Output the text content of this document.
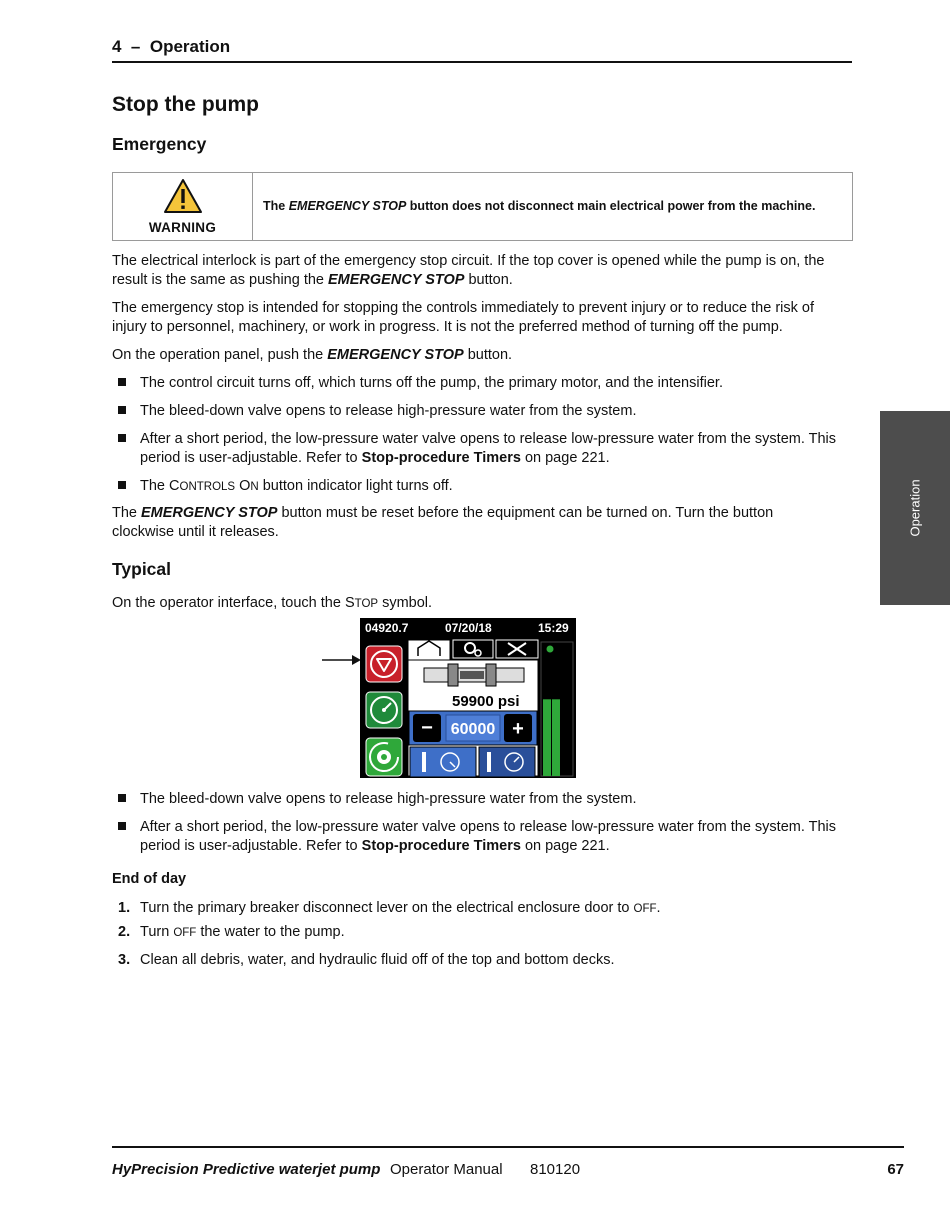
4 – Operation
Stop the pump
Emergency
WARNING
The EMERGENCY STOP button does not disconnect main electrical power from the machine.
The electrical interlock is part of the emergency stop circuit. If the top cover is opened while the pump is on, the
result is the same as pushing the EMERGENCY STOP button.
The emergency stop is intended for stopping the controls immediately to prevent injury or to reduce the risk of
injury to personnel, machinery, or work in progress. It is not the preferred method of turning off the pump.
On the operation panel, push the EMERGENCY STOP button.
The control circuit turns off, which turns off the pump, the primary motor, and the intensifier.
The bleed-down valve opens to release high-pressure water from the system.
After a short period, the low-pressure water valve opens to release low-pressure water from the system. This
period is user-adjustable. Refer to Stop-procedure Timers on page 221.
The CONTROLS ON button indicator light turns off.
The EMERGENCY STOP button must be reset before the equipment can be turned on. Turn the button
clockwise until it releases.
Typical
On the operator interface, touch the STOP symbol.
04920.7	07/20/18	15:29
59900 psi
− 60000 +
The bleed-down valve opens to release high-pressure water from the system.
After a short period, the low-pressure water valve opens to release low-pressure water from the system. This
period is user-adjustable. Refer to Stop-procedure Timers on page 221.
End of day
1. Turn the primary breaker disconnect lever on the electrical enclosure door to OFF.
2. Turn OFF the water to the pump.
3. Clean all debris, water, and hydraulic fluid off of the top and bottom decks.
Operation
HyPrecision Predictive waterjet pump Operator Manual 810120	67
